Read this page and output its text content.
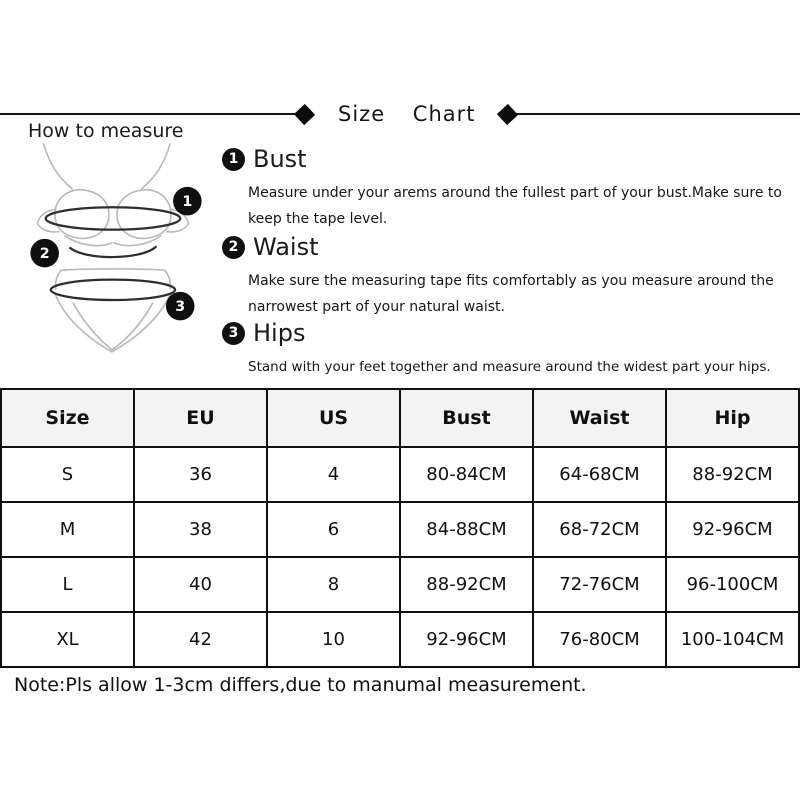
Size Chart
How to measure
1
2
3
1 Bust
Measure under your arems around the fullest part of your bust.Make sure to keep the tape level.
2 Waist
Make sure the measuring tape fits comfortably as you measure around the narrowest part of your natural waist.
3 Hips
Stand with your feet together and measure around the widest part your hips.
Size	EU	US	Bust	Waist	Hip
S	36	4	80-84CM	64-68CM	88-92CM
M	38	6	84-88CM	68-72CM	92-96CM
L	40	8	88-92CM	72-76CM	96-100CM
XL	42	10	92-96CM	76-80CM	100-104CM
Note:Pls allow 1-3cm differs,due to manumal measurement.
